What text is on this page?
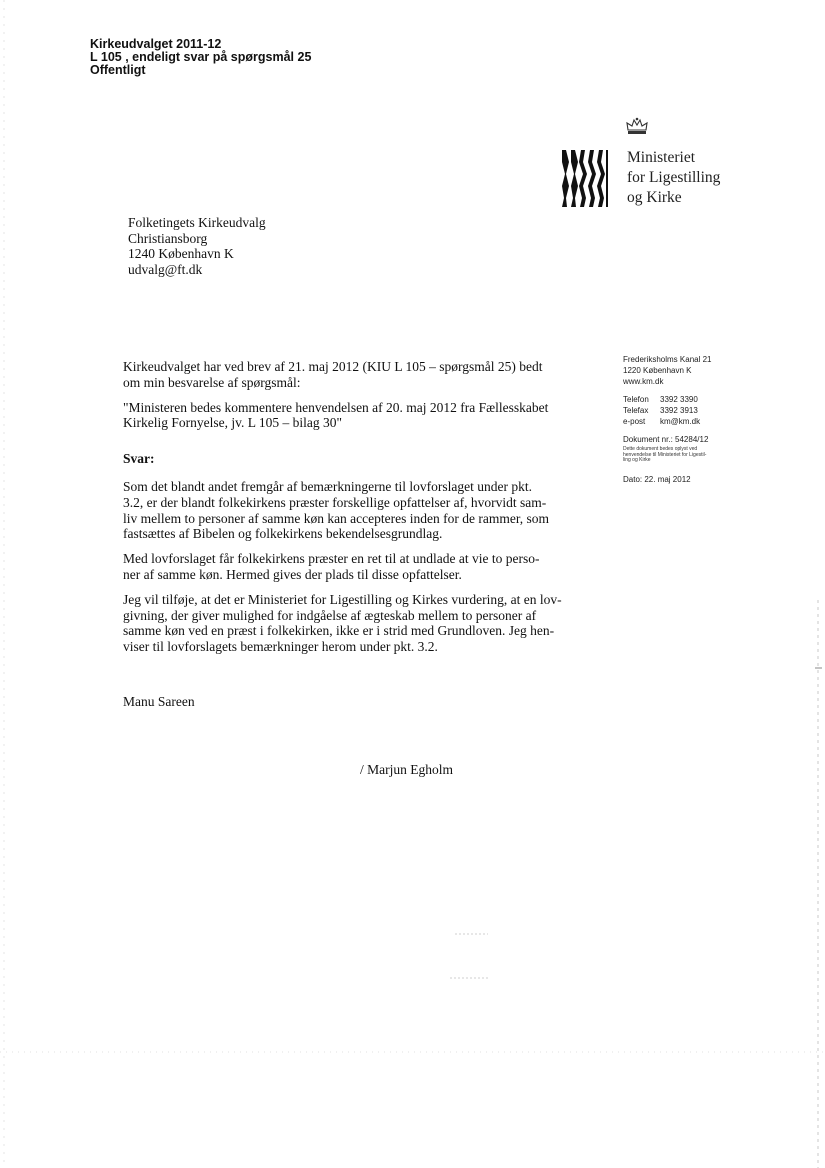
Kirkeudvalget 2011-12
L 105 , endeligt svar på spørgsmål 25
Offentligt
Ministeriet
for Ligestilling
og Kirke
Folketingets Kirkeudvalg
Christiansborg
1240 København K
udvalg@ft.dk
Frederiksholms Kanal 21
1220 København K
www.km.dk
Telefon 3392 3390
Telefax 3392 3913
e-post km@km.dk
Dokument nr.: 54284/12
Dette dokument bedes oplyst ved
henvendelse til Ministeriet for Ligestil-
ling og Kirke
Dato: 22. maj 2012

Kirkeudvalget har ved brev af 21. maj 2012 (KIU L 105 – spørgsmål 25) bedt
om min besvarelse af spørgsmål:

"Ministeren bedes kommentere henvendelsen af 20. maj 2012 fra Fællesskabet
Kirkelig Fornyelse, jv. L 105 – bilag 30"

Svar:

Som det blandt andet fremgår af bemærkningerne til lovforslaget under pkt.
3.2, er der blandt folkekirkens præster forskellige opfattelser af, hvorvidt sam-
liv mellem to personer af samme køn kan accepteres inden for de rammer, som
fastsættes af Bibelen og folkekirkens bekendelsesgrundlag.

Med lovforslaget får folkekirkens præster en ret til at undlade at vie to perso-
ner af samme køn. Hermed gives der plads til disse opfattelser.

Jeg vil tilføje, at det er Ministeriet for Ligestilling og Kirkes vurdering, at en lov-
givning, der giver mulighed for indgåelse af ægteskab mellem to personer af
samme køn ved en præst i folkekirken, ikke er i strid med Grundloven. Jeg hen-
viser til lovforslagets bemærkninger herom under pkt. 3.2.

Manu Sareen
/ Marjun Egholm
